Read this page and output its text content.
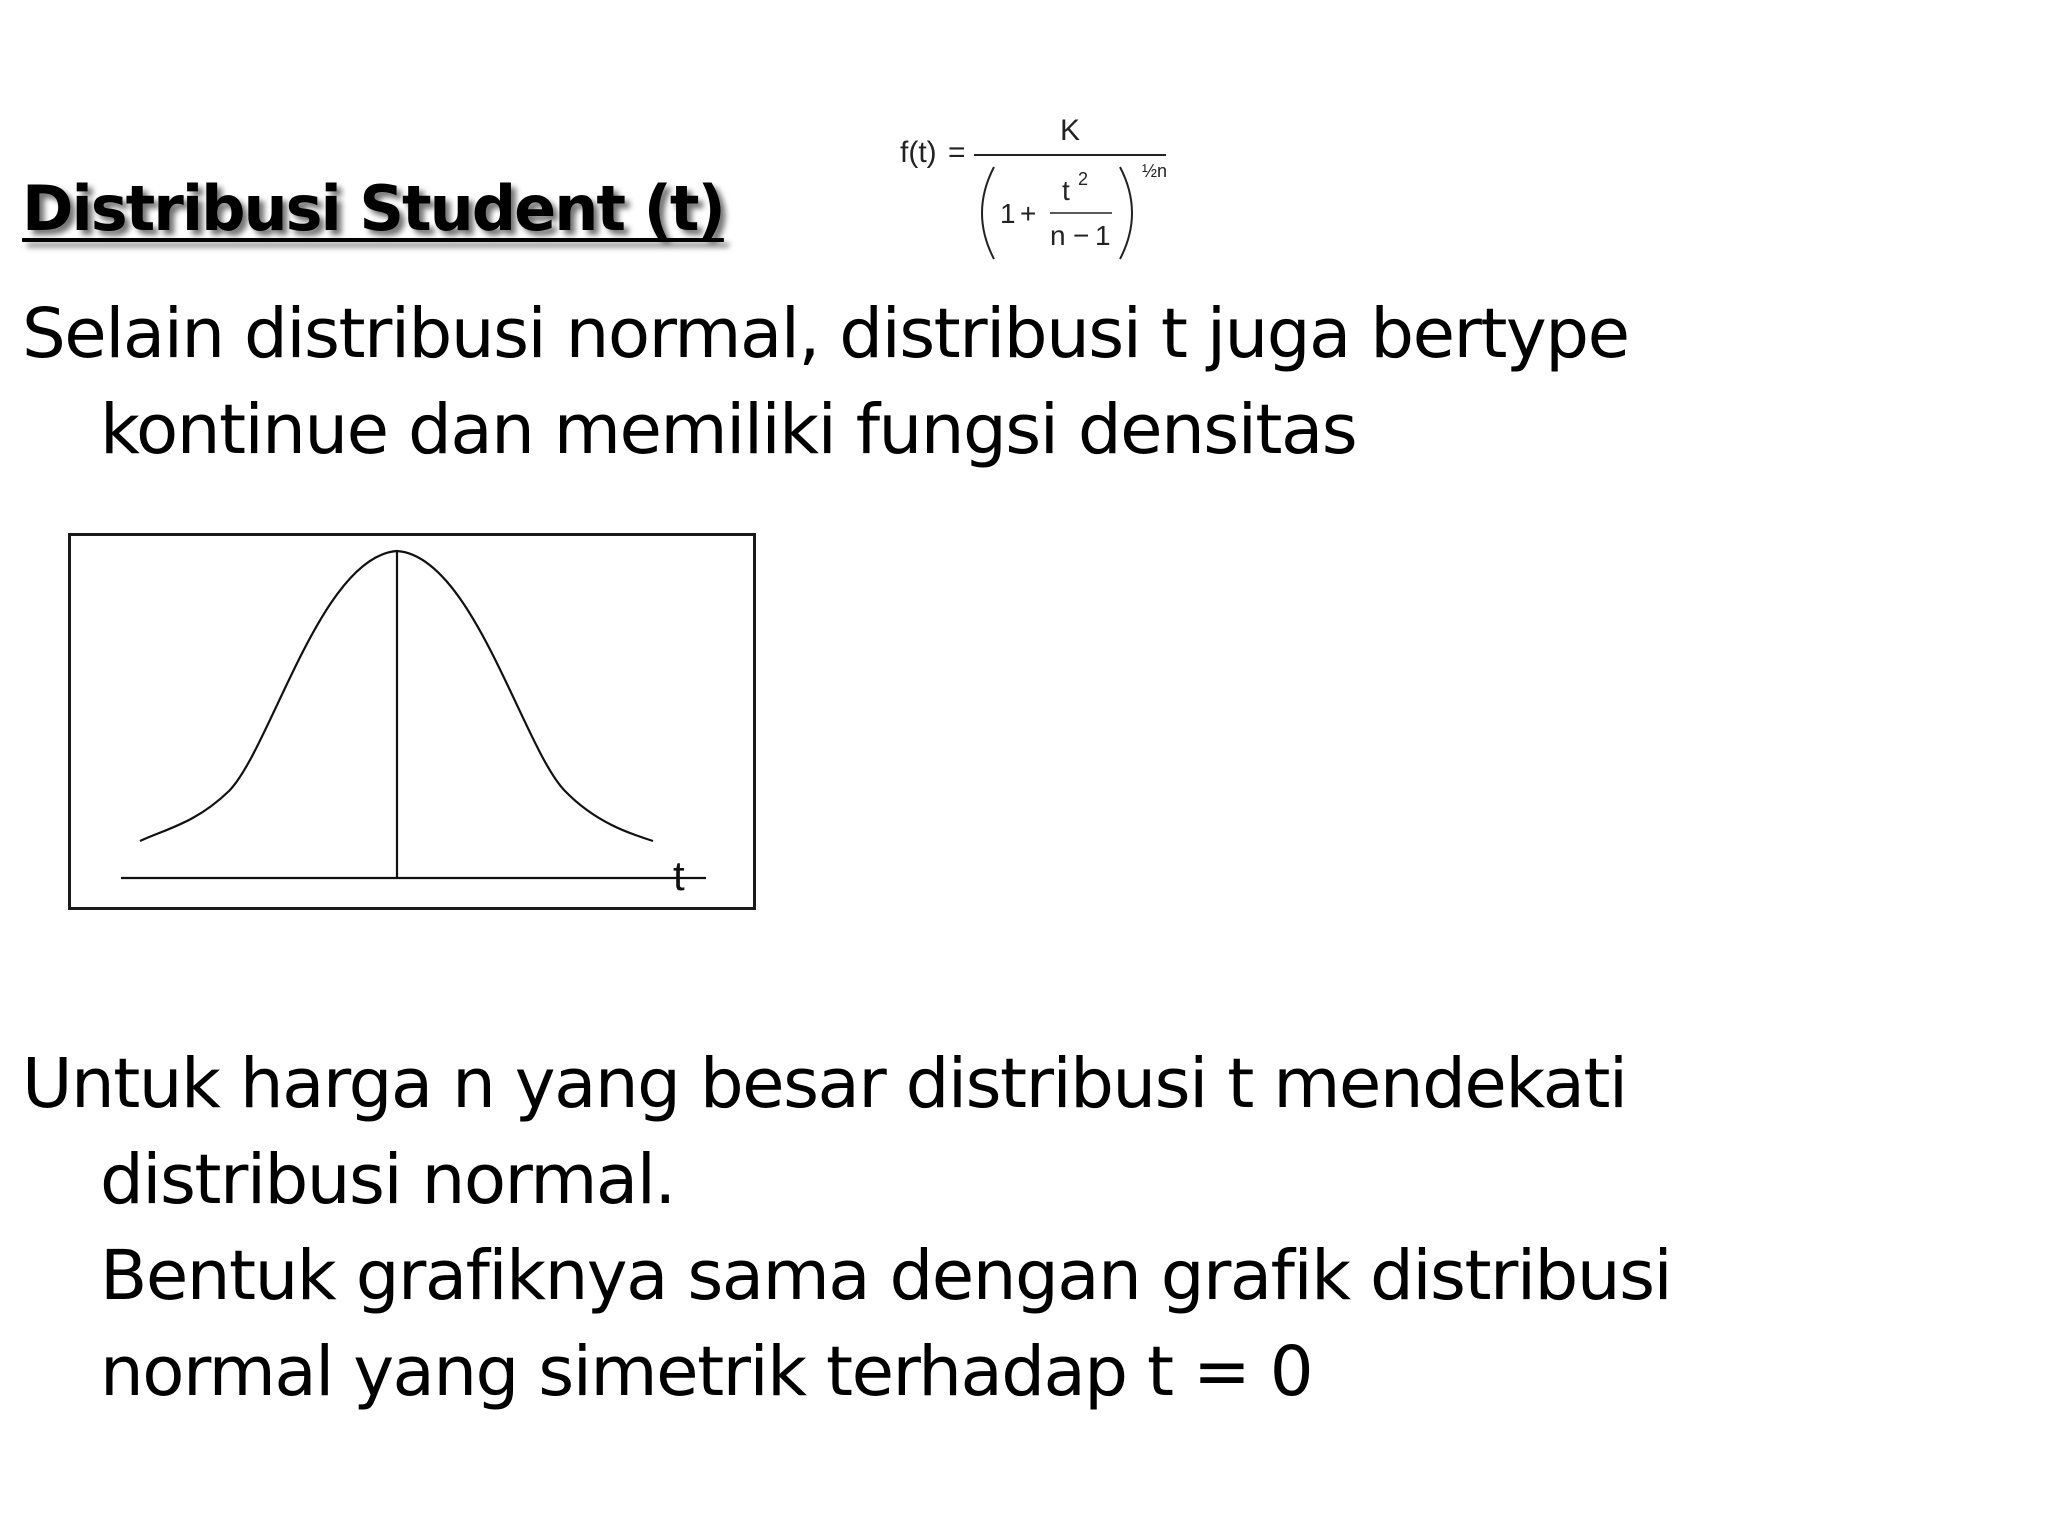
Distribusi Student (t)
f(t) =
K
1 +
t 2
n − 1
½n
Selain distribusi normal, distribusi t juga bertype
kontinue dan memiliki fungsi densitas
t
Untuk harga n yang besar distribusi t mendekati
distribusi normal.
Bentuk grafiknya sama dengan grafik distribusi
normal yang simetrik terhadap t = 0
